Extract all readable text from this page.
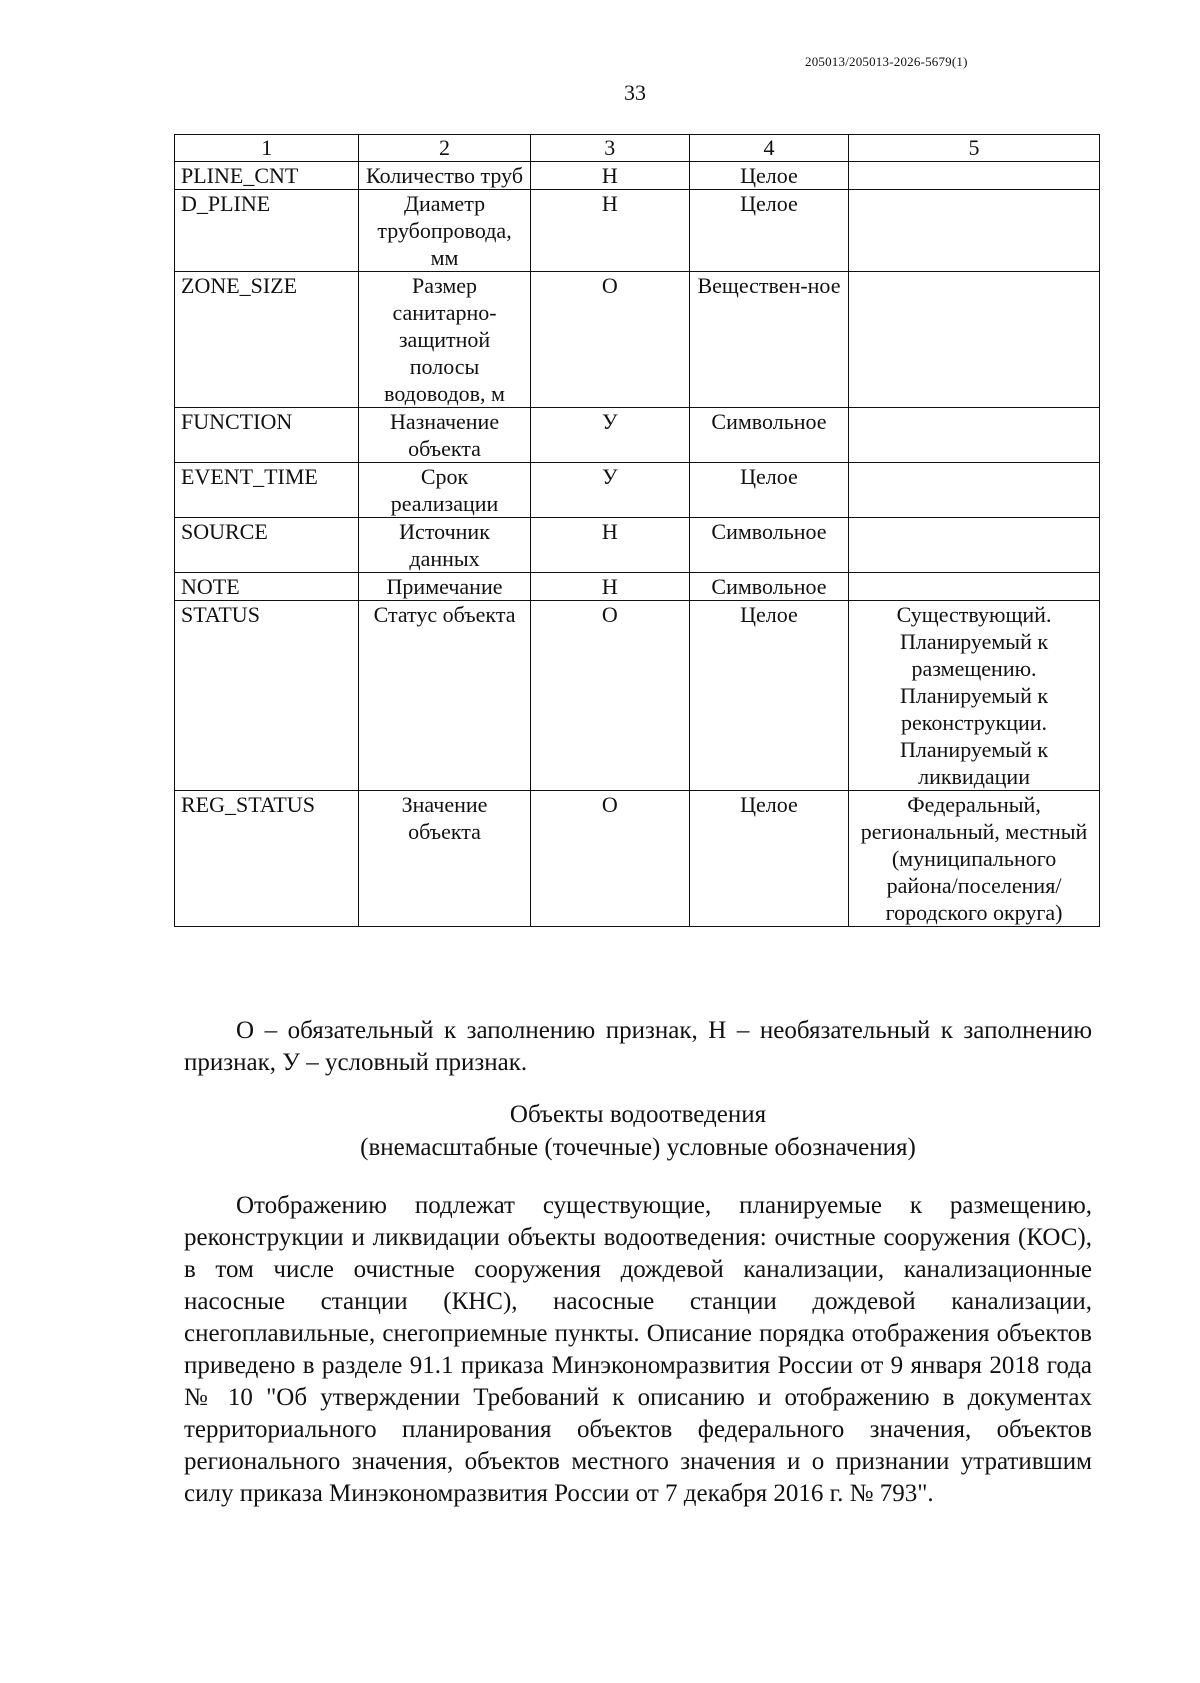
205013/205013-2026-5679(1)
33
1	2	3	4	5
PLINE_CNT	Количество труб	Н	Целое	
D_PLINE	Диаметр трубопровода, мм	Н	Целое	
ZONE_SIZE	Размер санитарно-защитной полосы водоводов, м	О	Веществен-ное	
FUNCTION	Назначение объекта	У	Символьное	
EVENT_TIME	Срок реализации	У	Целое	
SOURCE	Источник данных	Н	Символьное	
NOTE	Примечание	Н	Символьное	
STATUS	Статус объекта	О	Целое	Существующий. Планируемый к размещению. Планируемый к реконструкции. Планируемый к ликвидации
REG_STATUS	Значение объекта	О	Целое	Федеральный, региональный, местный (муниципального района/поселения/ городского округа)
О – обязательный к заполнению признак, Н – необязательный к заполнению признак, У – условный признак.
Объекты водоотведения
(внемасштабные (точечные) условные обозначения)
Отображению подлежат существующие, планируемые к размещению, реконструкции и ликвидации объекты водоотведения: очистные сооружения (КОС), в том числе очистные сооружения дождевой канализации, канализационные насосные станции (КНС), насосные станции дождевой канализации, снегоплавильные, снегоприемные пункты. Описание порядка отображения объектов приведено в разделе 91.1 приказа Минэкономразвития России от 9 января 2018 года № 10 "Об утверждении Требований к описанию и отображению в документах территориального планирования объектов федерального значения, объектов регионального значения, объектов местного значения и о признании утратившим силу приказа Минэкономразвития России от 7 декабря 2016 г. № 793".
